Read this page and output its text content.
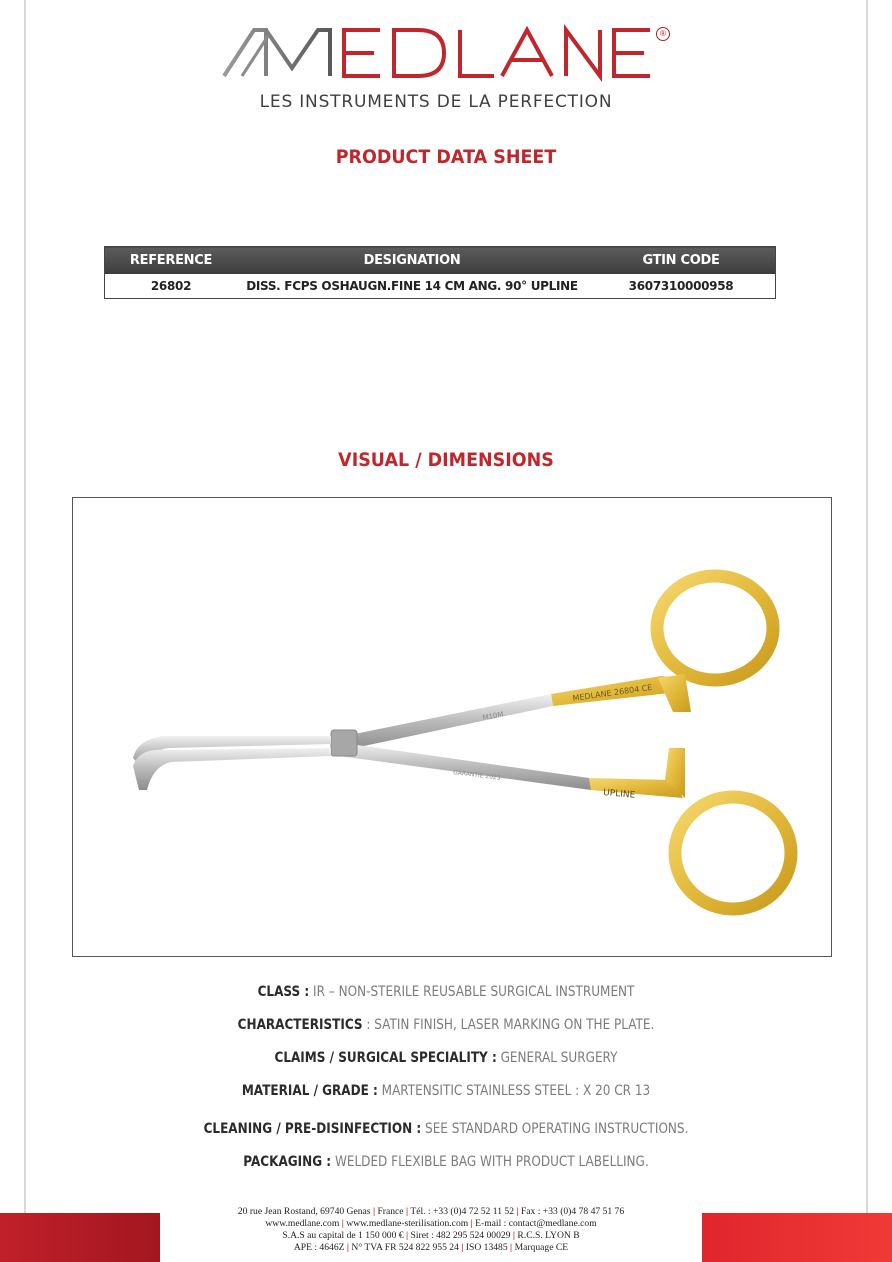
®
LES INSTRUMENTS DE LA PERFECTION
PRODUCT DATA SHEET
REFERENCE	DESIGNATION	GTIN CODE
26802	DISS. FCPS OSHAUGN.FINE 14 CM ANG. 90° UPLINE	3607310000958
VISUAL / DIMENSIONS
MEDLANE 26804 CE
M10M
GARANTIE 2023
UPLINE
CLASS : IR – NON-STERILE REUSABLE SURGICAL INSTRUMENT
CHARACTERISTICS : SATIN FINISH, LASER MARKING ON THE PLATE.
CLAIMS / SURGICAL SPECIALITY : GENERAL SURGERY
MATERIAL / GRADE : MARTENSITIC STAINLESS STEEL : X 20 CR 13
CLEANING / PRE-DISINFECTION : SEE STANDARD OPERATING INSTRUCTIONS.
PACKAGING : WELDED FLEXIBLE BAG WITH PRODUCT LABELLING.
20 rue Jean Rostand, 69740 Genas | France | Tél. : +33 (0)4 72 52 11 52 | Fax : +33 (0)4 78 47 51 76
www.medlane.com | www.medlane-sterilisation.com | E-mail : contact@medlane.com
S.A.S au capital de 1 150 000 € | Siret : 482 295 524 00029 | R.C.S. LYON B
APE : 4646Z | N° TVA FR 524 822 955 24 | ISO 13485 | Marquage CE
